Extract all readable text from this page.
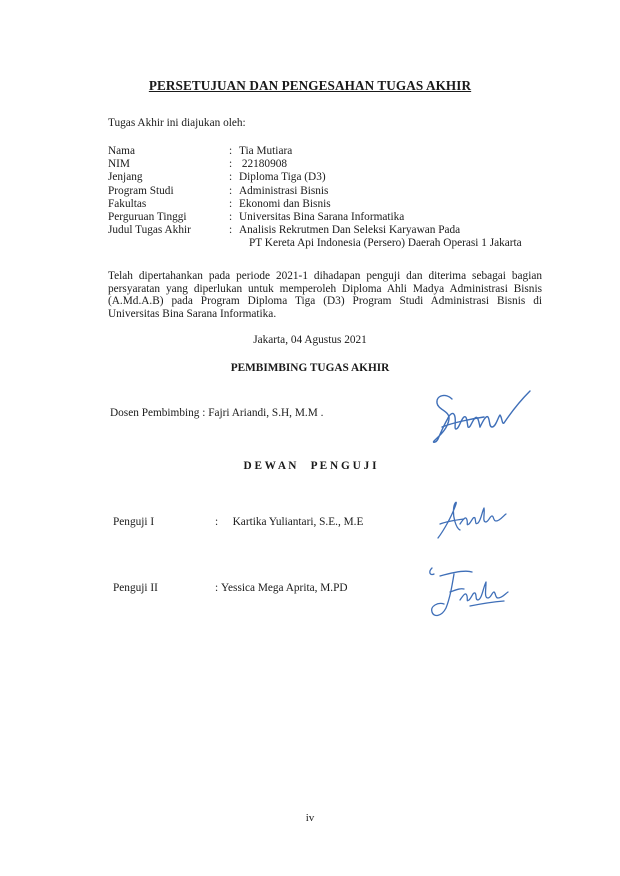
PERSETUJUAN DAN PENGESAHAN TUGAS AKHIR
Tugas Akhir ini diajukan oleh:
Nama	: Tia Mutiara
NIM	: 22180908
Jenjang	: Diploma Tiga (D3)
Program Studi	: Administrasi Bisnis
Fakultas	: Ekonomi dan Bisnis
Perguruan Tinggi	: Universitas Bina Sarana Informatika
Judul Tugas Akhir	: Analisis Rekrutmen Dan Seleksi Karyawan Pada
PT Kereta Api Indonesia (Persero) Daerah Operasi 1 Jakarta
Telah dipertahankan pada periode 2021-1 dihadapan penguji dan diterima sebagai bagian persyaratan yang diperlukan untuk memperoleh Diploma Ahli Madya Administrasi Bisnis (A.Md.A.B) pada Program Diploma Tiga (D3) Program Studi Administrasi Bisnis di Universitas Bina Sarana Informatika.
Jakarta, 04 Agustus 2021
PEMBIMBING TUGAS AKHIR
Dosen Pembimbing : Fajri Ariandi, S.H, M.M .
D E W A N     P E N G U J I
Penguji I	:  Kartika Yuliantari, S.E., M.E
Penguji II	: Yessica Mega Aprita, M.PD
iv
